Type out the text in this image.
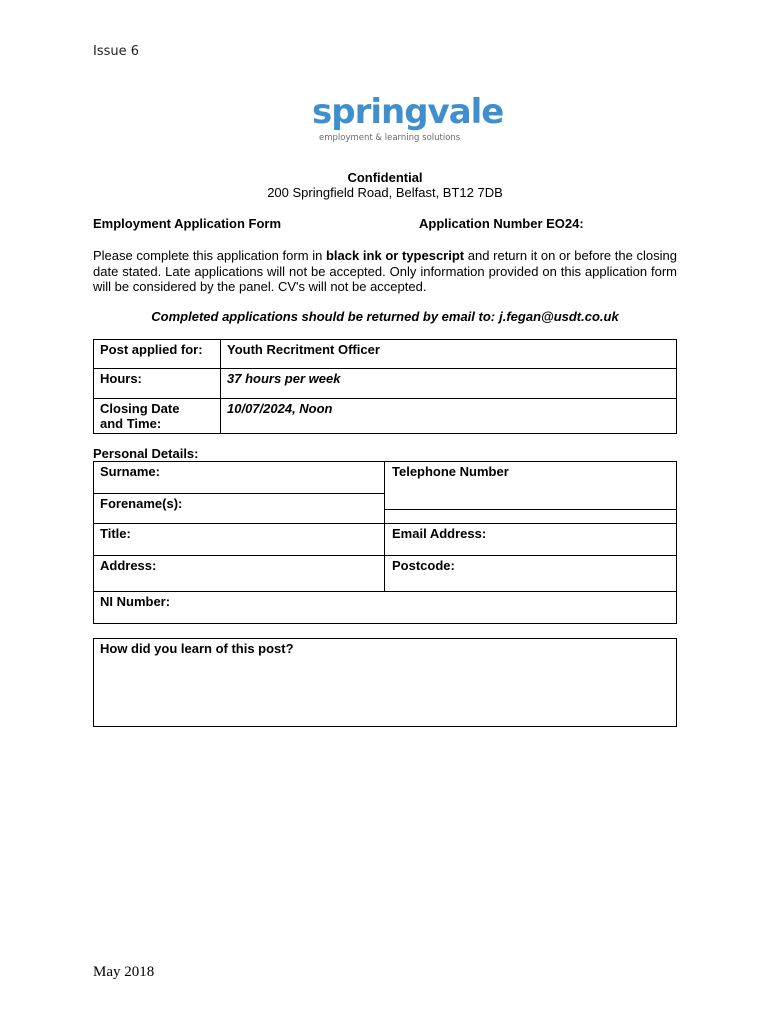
Issue 6
springvale
employment & learning solutions
Confidential
200 Springfield Road, Belfast, BT12 7DB
Employment Application Form	Application Number EO24:
Please complete this application form in black ink or typescript and return it on or before the closing date stated. Late applications will not be accepted. Only information provided on this application form will be considered by the panel. CV's will not be accepted.
Completed applications should be returned by email to: j.fegan@usdt.co.uk
Post applied for:	Youth Recritment Officer
Hours:	37 hours per week
Closing Date
and Time:	10/07/2024, Noon
Personal Details:
Surname:	Telephone Number
Forename(s):
Title:	Email Address:
Address:	Postcode:
NI Number:
How did you learn of this post?
May 2018
